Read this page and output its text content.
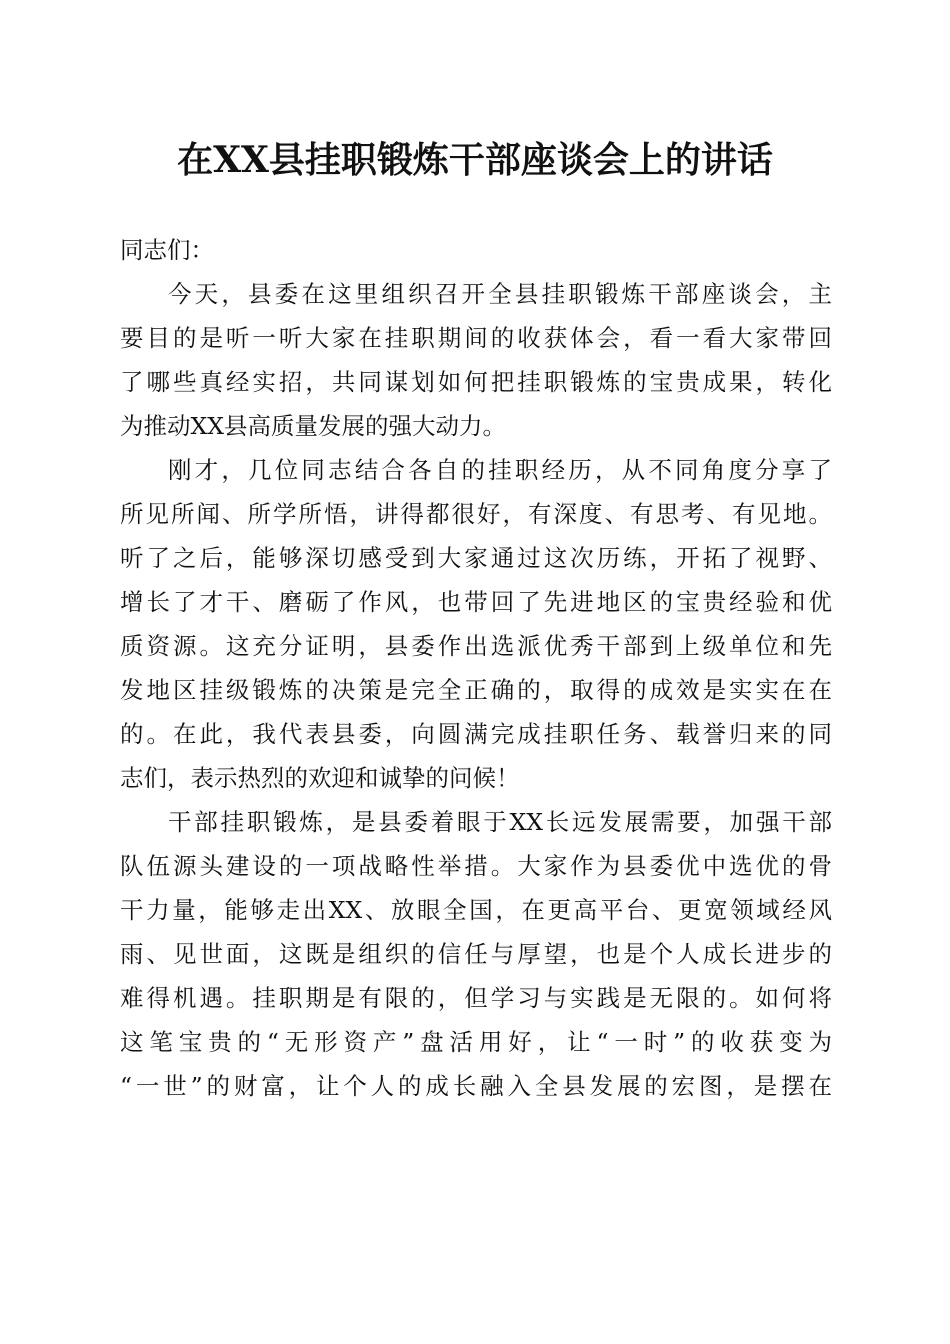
在XX县挂职锻炼干部座谈会上的讲话
同志们：
今天，县委在这里组织召开全县挂职锻炼干部座谈会，主
要目的是听一听大家在挂职期间的收获体会，看一看大家带回
了哪些真经实招，共同谋划如何把挂职锻炼的宝贵成果，转化
为推动XX县高质量发展的强大动力。
刚才，几位同志结合各自的挂职经历，从不同角度分享了
所见所闻、所学所悟，讲得都很好，有深度、有思考、有见地。
听了之后，能够深切感受到大家通过这次历练，开拓了视野、
增长了才干、磨砺了作风，也带回了先进地区的宝贵经验和优
质资源。这充分证明，县委作出选派优秀干部到上级单位和先
发地区挂级锻炼的决策是完全正确的，取得的成效是实实在在
的。在此，我代表县委，向圆满完成挂职任务、载誉归来的同
志们，表示热烈的欢迎和诚挚的问候！
干部挂职锻炼，是县委着眼于XX长远发展需要，加强干部
队伍源头建设的一项战略性举措。大家作为县委优中选优的骨
干力量，能够走出XX、放眼全国，在更高平台、更宽领域经风
雨、见世面，这既是组织的信任与厚望，也是个人成长进步的
难得机遇。挂职期是有限的，但学习与实践是无限的。如何将
这笔宝贵的“无形资产”盘活用好，让“一时”的收获变为
“一世”的财富，让个人的成长融入全县发展的宏图，是摆在
